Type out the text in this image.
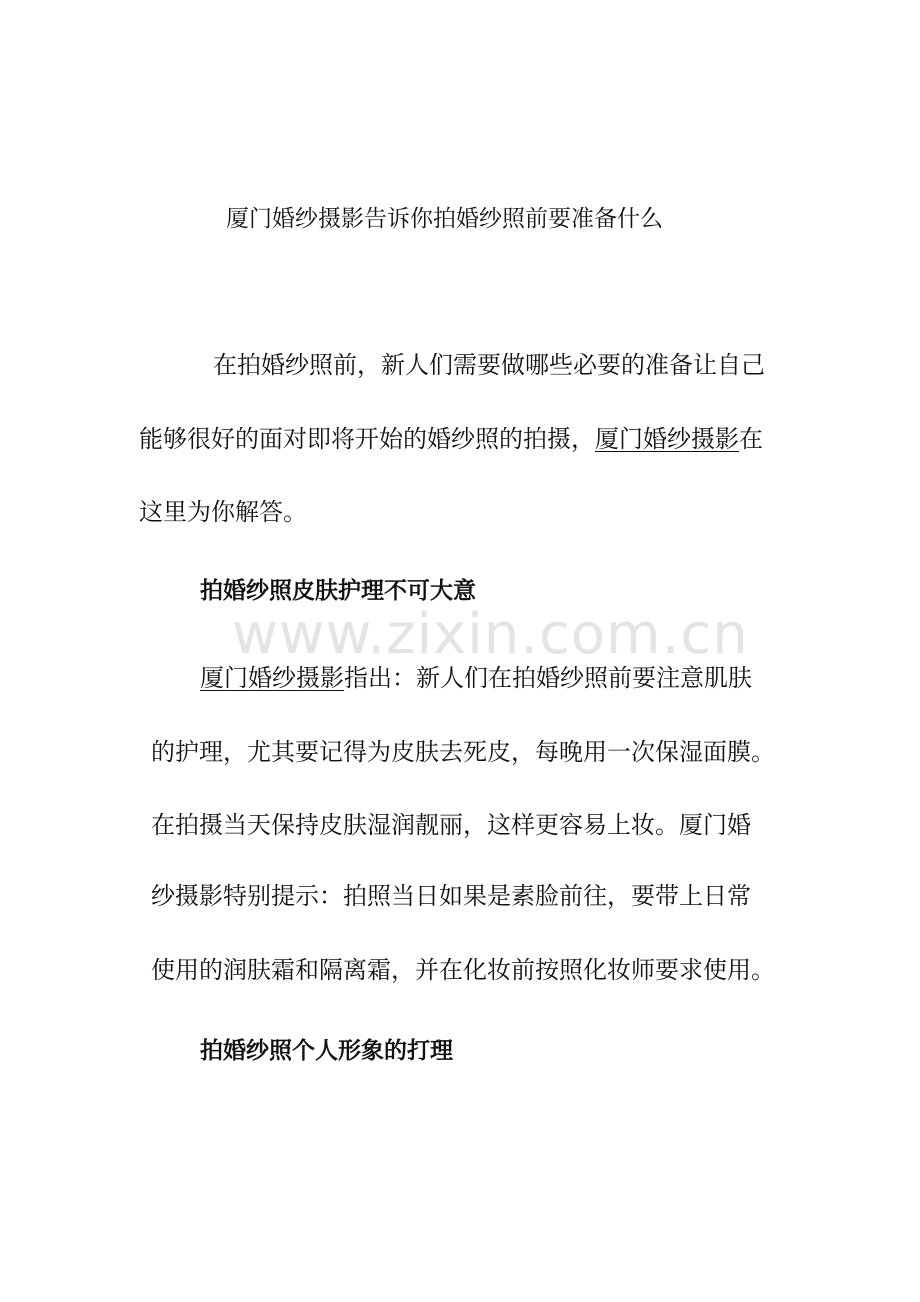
厦门婚纱摄影告诉你拍婚纱照前要准备什么

在拍婚纱照前，新人们需要做哪些必要的准备让自己

能够很好的面对即将开始的婚纱照的拍摄，厦门婚纱摄影在

这里为你解答。

拍婚纱照皮肤护理不可大意

www.zixin.com.cn

厦门婚纱摄影指出：新人们在拍婚纱照前要注意肌肤

的护理，尤其要记得为皮肤去死皮，每晚用一次保湿面膜。

在拍摄当天保持皮肤湿润靓丽，这样更容易上妆。厦门婚

纱摄影特别提示：拍照当日如果是素脸前往，要带上日常

使用的润肤霜和隔离霜，并在化妆前按照化妆师要求使用。

拍婚纱照个人形象的打理
